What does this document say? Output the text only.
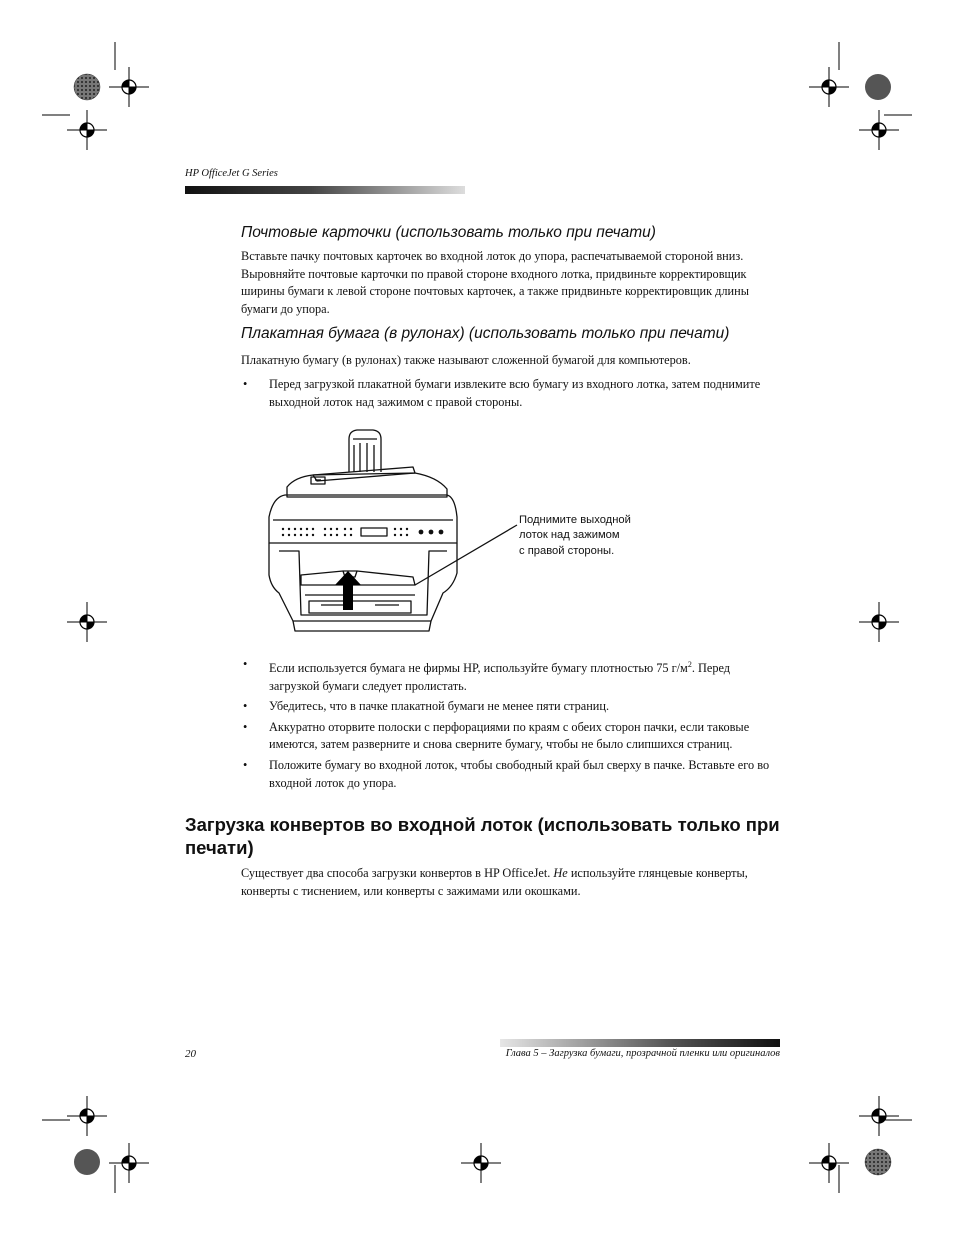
HP OfficeJet G Series
Почтовые карточки (использовать только при печати)
Вставьте пачку почтовых карточек во входной лоток до упора, распечатываемой стороной вниз. Выровняйте почтовые карточки по правой стороне входного лотка, придвиньте корректировщик ширины бумаги к левой стороне почтовых карточек, а также придвиньте корректировщик длины бумаги до упора.
Плакатная бумага (в рулонах) (использовать только при печати)
Плакатную бумагу (в рулонах) также называют сложенной бумагой для компьютеров.
• Перед загрузкой плакатной бумаги извлеките всю бумагу из входного лотка, затем поднимите выходной лоток над зажимом с правой стороны.
Поднимите выходной
лоток над зажимом
с правой стороны.
• Если используется бумага не фирмы HP, используйте бумагу плотностью 75 $г/м^2$. Перед загрузкой бумаги следует пролистать.
• Убедитесь, что в пачке плакатной бумаги не менее пяти страниц.
• Аккуратно оторвите полоски с перфорациями по краям с обеих сторон пачки, если таковые имеются, затем разверните и снова сверните бумагу, чтобы не было слипшихся страниц.
• Положите бумагу во входной лоток, чтобы свободный край был сверху в пачке. Вставьте его во входной лоток до упора.
Загрузка конвертов во входной лоток (использовать только при печати)
Существует два способа загрузки конвертов в HP OfficeJet. Не используйте глянцевые конверты, конверты с тиснением, или конверты с зажимами или окошками.
20	Глава 5 – Загрузка бумаги, прозрачной пленки или оригиналов
